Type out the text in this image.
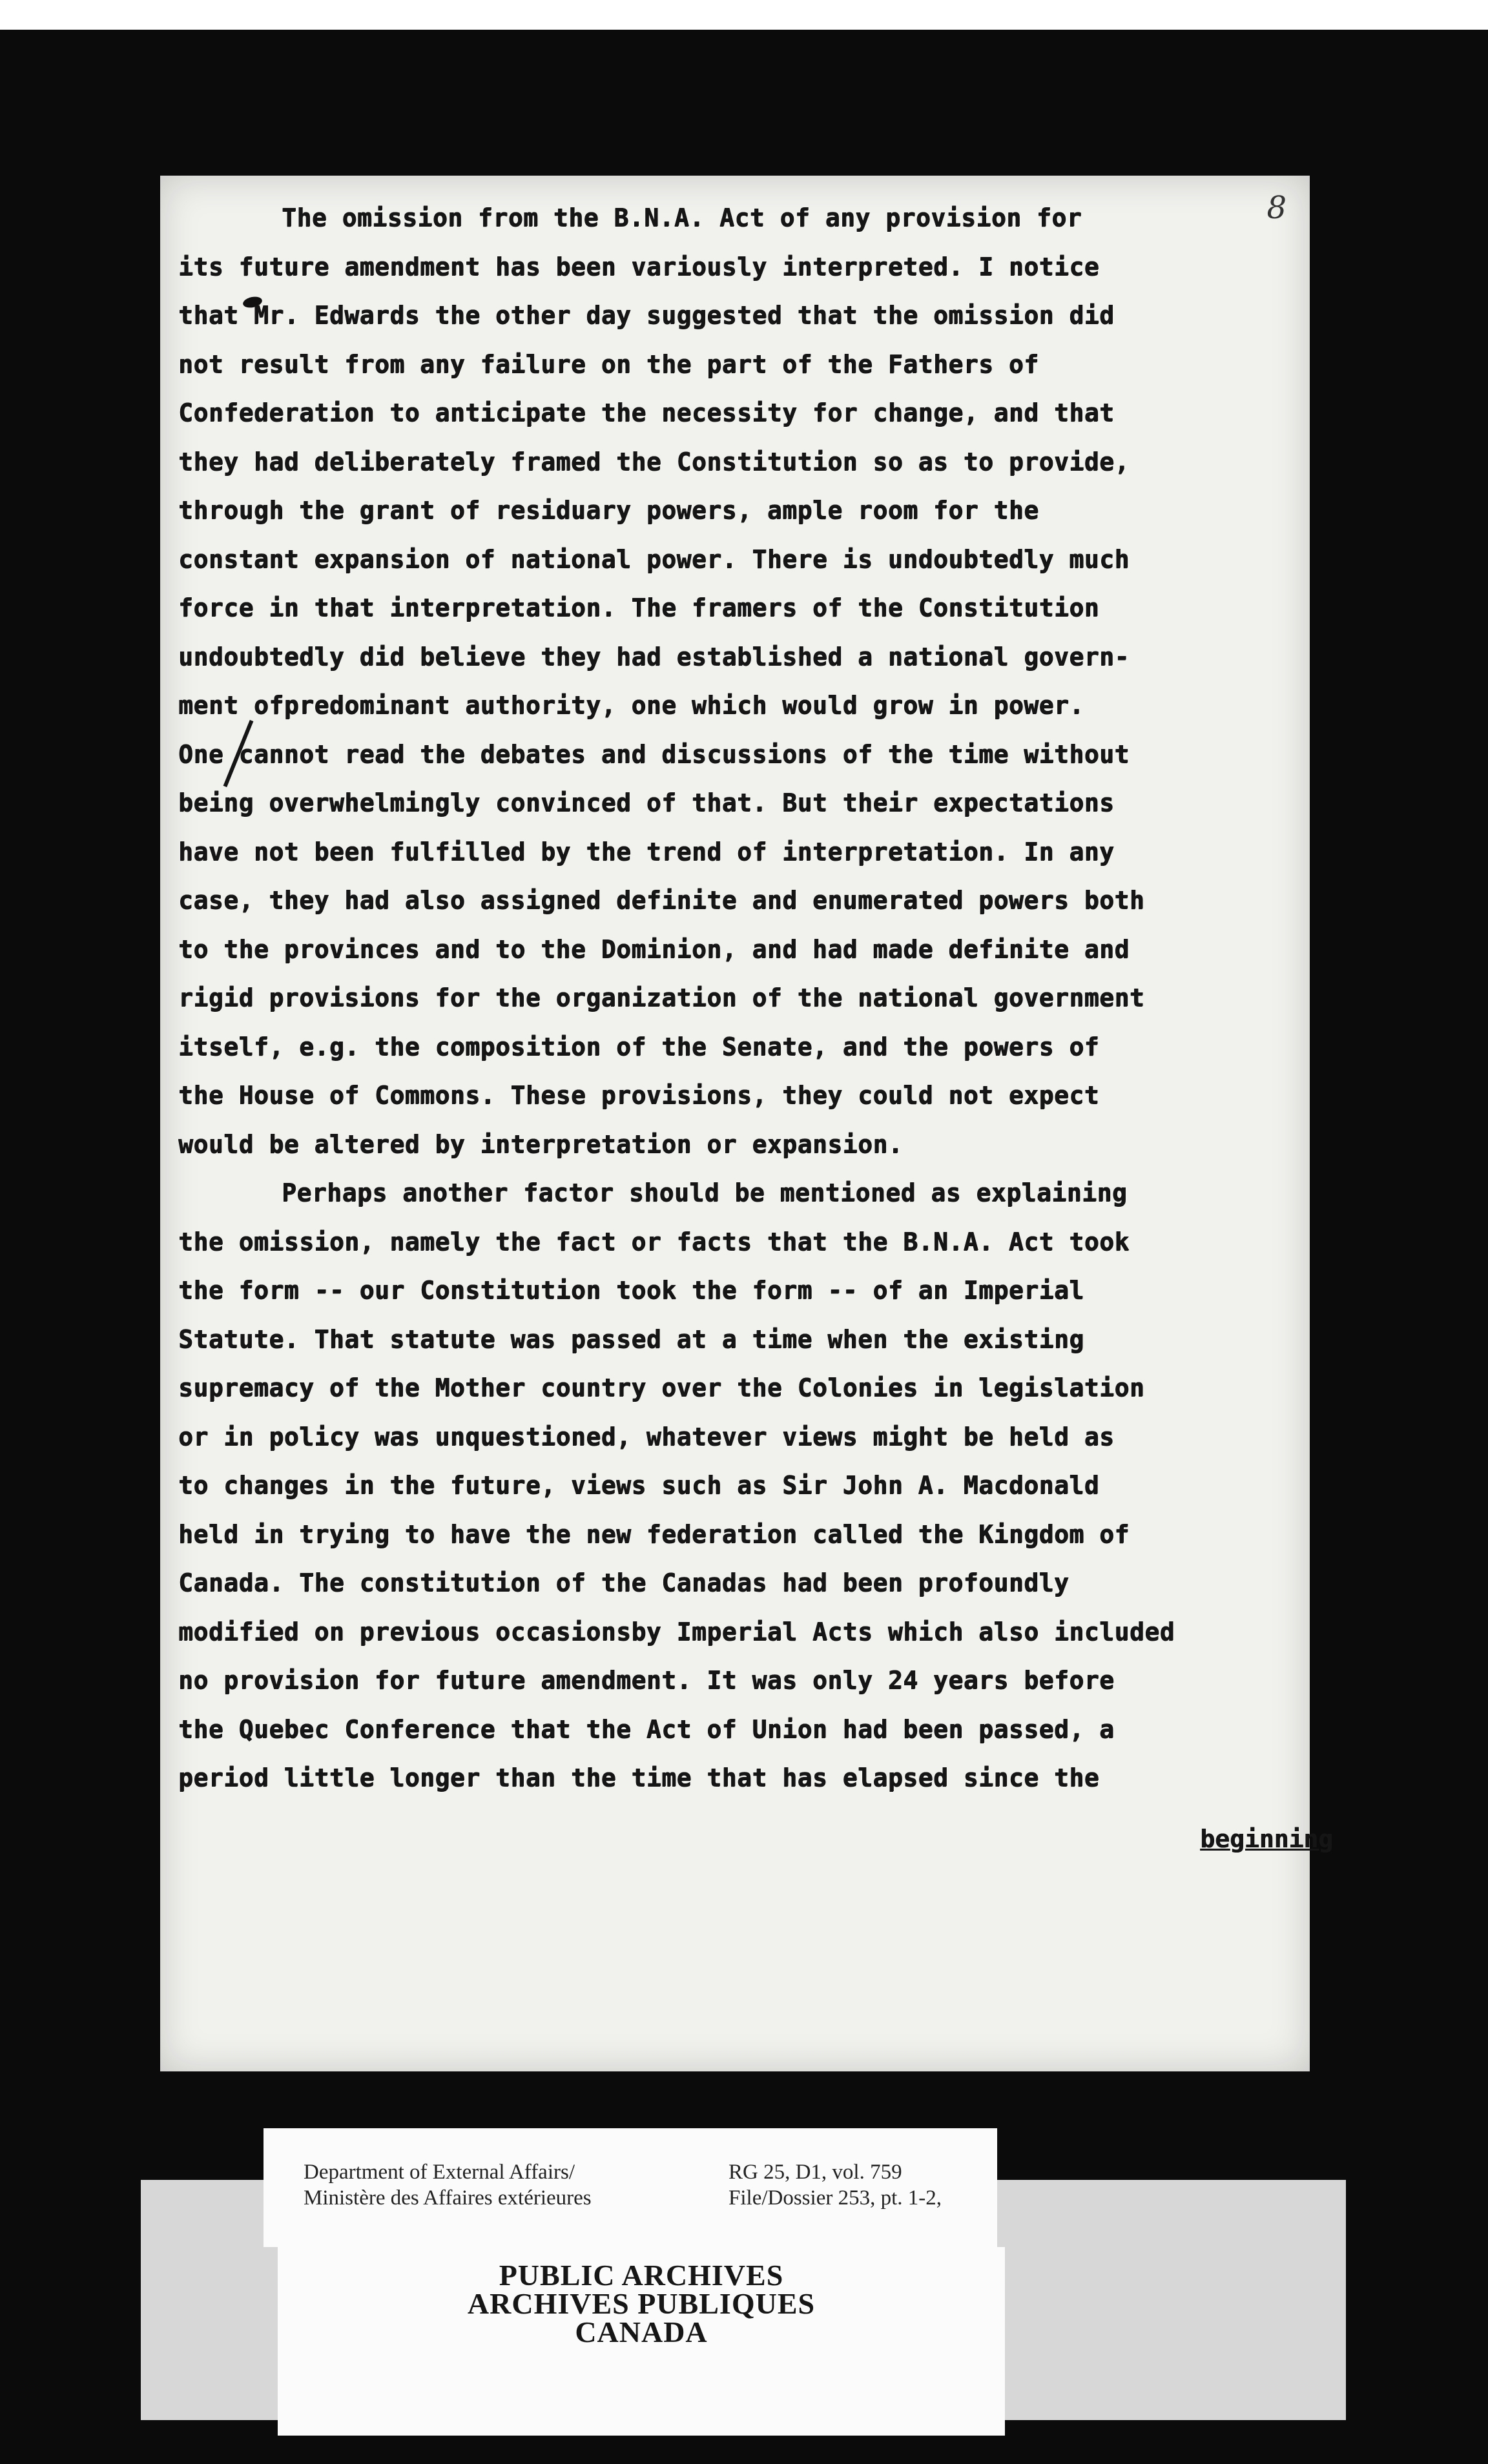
8
The omission from the B.N.A. Act of any provision for
its future amendment has been variously interpreted. I notice
that Mr. Edwards the other day suggested that the omission did
not result from any failure on the part of the Fathers of
Confederation to anticipate the necessity for change, and that
they had deliberately framed the Constitution so as to provide,
through the grant of residuary powers, ample room for the
constant expansion of national power. There is undoubtedly much
force in that interpretation. The framers of the Constitution
undoubtedly did believe they had established a national govern-
ment ofpredominant authority, one which would grow in power.
One cannot read the debates and discussions of the time without
being overwhelmingly convinced of that. But their expectations
have not been fulfilled by the trend of interpretation. In any
case, they had also assigned definite and enumerated powers both
to the provinces and to the Dominion, and had made definite and
rigid provisions for the organization of the national government
itself, e.g. the composition of the Senate, and the powers of
the House of Commons. These provisions, they could not expect
would be altered by interpretation or expansion.
Perhaps another factor should be mentioned as explaining
the omission, namely the fact or facts that the B.N.A. Act took
the form -- our Constitution took the form -- of an Imperial
Statute. That statute was passed at a time when the existing
supremacy of the Mother country over the Colonies in legislation
or in policy was unquestioned, whatever views might be held as
to changes in the future, views such as Sir John A. Macdonald
held in trying to have the new federation called the Kingdom of
Canada. The constitution of the Canadas had been profoundly
modified on previous occasionsby Imperial Acts which also included
no provision for future amendment. It was only 24 years before
the Quebec Conference that the Act of Union had been passed, a
period little longer than the time that has elapsed since the
beginning
Department of External Affairs/
Ministère des Affaires extérieures
RG 25, D1, vol. 759
File/Dossier 253, pt. 1-2,
PUBLIC ARCHIVES
ARCHIVES PUBLIQUES
CANADA
